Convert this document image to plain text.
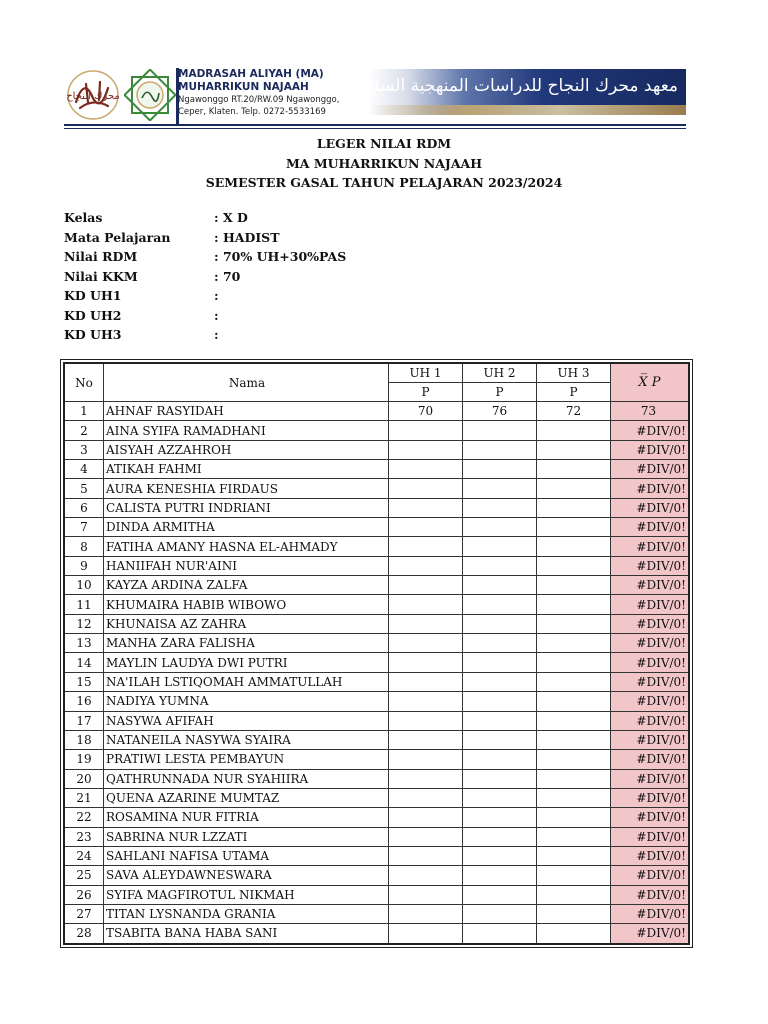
محرك النجاح
MADRASAH ALIYAH (MA)
MUHARRIKUN NAJAAH
Ngawonggo RT.20/RW.09 Ngawonggo,
Ceper, Klaten. Telp. 0272-5533169
معهد محرك النجاح للدراسات المنهجية السلفية
LEGER NILAI RDM
MA MUHARRIKUN NAJAAH
SEMESTER GASAL TAHUN PELAJARAN 2023/2024
Kelas	: X D
Mata Pelajaran	: HADIST
Nilai RDM	: 70% UH+30%PAS
Nilai KKM	: 70
KD UH1	:
KD UH2	:
KD UH3	:
No	Nama	UH 1	UH 2	UH 3	X̅ P
		P	P	P	
1	AHNAF RASYIDAH	70	76	72	73
2	AINA SYIFA RAMADHANI				#DIV/0!
3	AISYAH AZZAHROH				#DIV/0!
4	ATIKAH FAHMI				#DIV/0!
5	AURA KENESHIA FIRDAUS				#DIV/0!
6	CALISTA PUTRI INDRIANI				#DIV/0!
7	DINDA ARMITHA				#DIV/0!
8	FATIHA AMANY HASNA EL-AHMADY				#DIV/0!
9	HANIIFAH NUR'AINI				#DIV/0!
10	KAYZA ARDINA ZALFA				#DIV/0!
11	KHUMAIRA HABIB WIBOWO				#DIV/0!
12	KHUNAISA AZ ZAHRA				#DIV/0!
13	MANHA ZARA FALISHA				#DIV/0!
14	MAYLIN LAUDYA DWI PUTRI				#DIV/0!
15	NA'ILAH LSTIQOMAH AMMATULLAH				#DIV/0!
16	NADIYA YUMNA				#DIV/0!
17	NASYWA AFIFAH				#DIV/0!
18	NATANEILA NASYWA SYAIRA				#DIV/0!
19	PRATIWI LESTA PEMBAYUN				#DIV/0!
20	QATHRUNNADA NUR SYAHIIRA				#DIV/0!
21	QUENA AZARINE MUMTAZ				#DIV/0!
22	ROSAMINA NUR FITRIA				#DIV/0!
23	SABRINA NUR LZZATI				#DIV/0!
24	SAHLANI NAFISA UTAMA				#DIV/0!
25	SAVA ALEYDAWNESWARA				#DIV/0!
26	SYIFA MAGFIROTUL NIKMAH				#DIV/0!
27	TITAN LYSNANDA GRANIA				#DIV/0!
28	TSABITA BANA HABA SANI				#DIV/0!
